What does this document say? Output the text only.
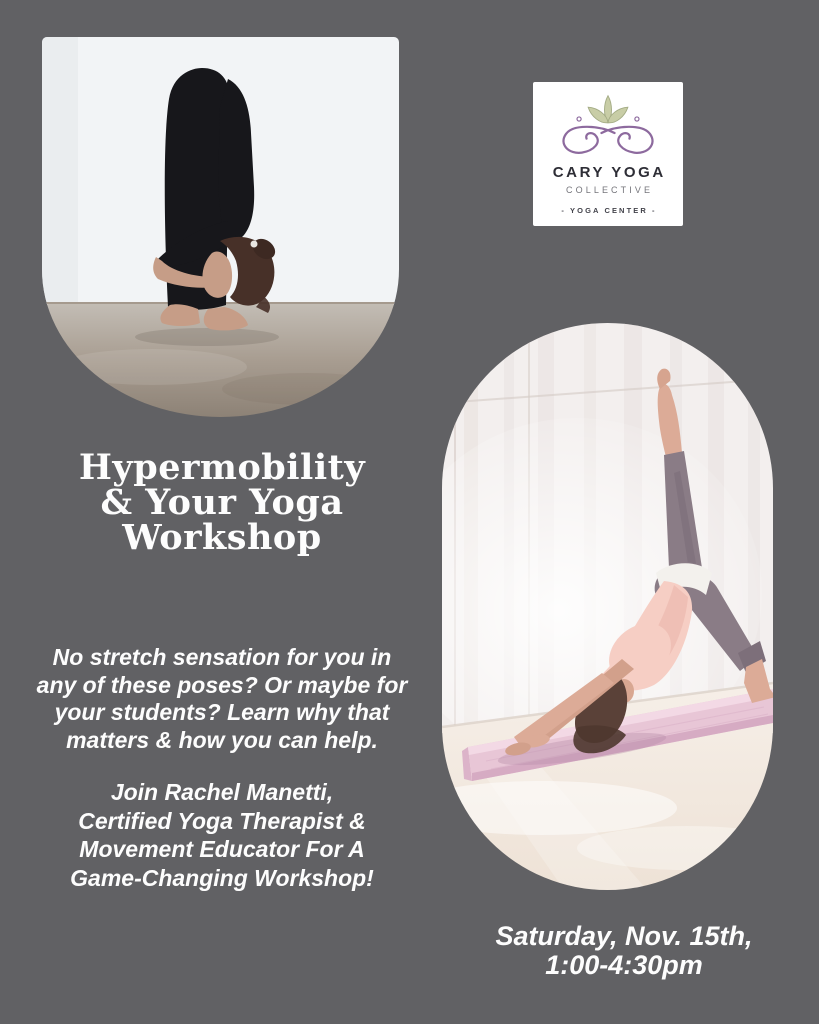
CARY YOGA
COLLECTIVE
- YOGA CENTER -
Hypermobility
& Your Yoga
Workshop
No stretch sensation for you in
any of these poses? Or maybe for
your students? Learn why that
matters & how you can help.
Join Rachel Manetti,
Certified Yoga Therapist &
Movement Educator For A
Game-Changing Workshop!
Saturday, Nov. 15th,
1:00-4:30pm
